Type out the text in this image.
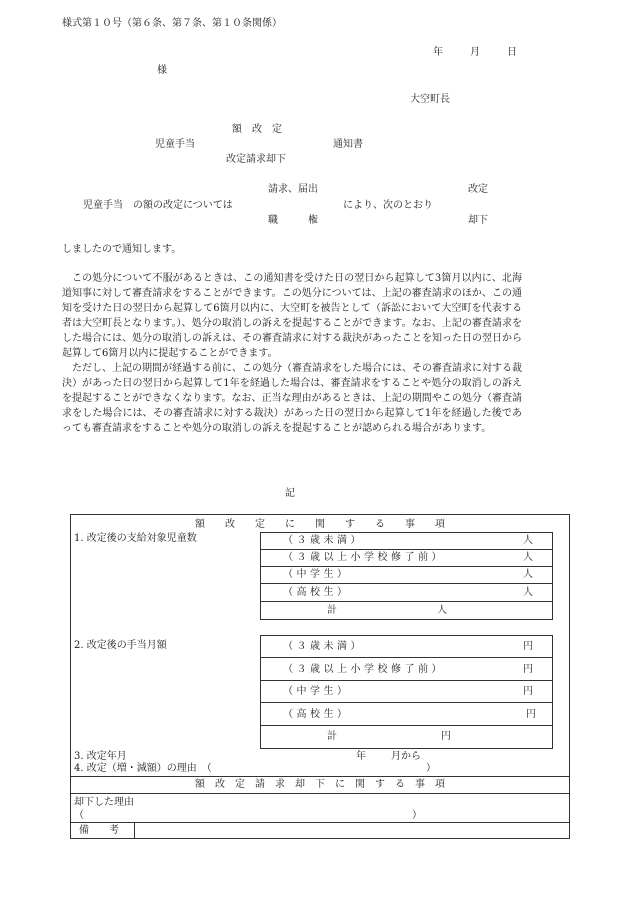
様式第１０号（第６条、第７条、第１０条関係）
年	月	日
様
大空町長
額　改　定
児童手当	通知書
改定請求却下
請求、届出	改定
児童手当　の額の改定については	により、次のとおり
職　　　権	却下
しましたので通知します。

この処分について不服があるときは、この通知書を受けた日の翌日から起算して3箇月以内に、北海道知事に対して審査請求をすることができます。この処分については、上記の審査請求のほか、この通知を受けた日の翌日から起算して6箇月以内に、大空町を被告として（訴訟において大空町を代表する者は大空町長となります。）、処分の取消しの訴えを提起することができます。なお、上記の審査請求をした場合には、処分の取消しの訴えは、その審査請求に対する裁決があったことを知った日の翌日から起算して6箇月以内に提起することができます。

ただし、上記の期間が経過する前に、この処分（審査請求をした場合には、その審査請求に対する裁決）があった日の翌日から起算して1年を経過した場合は、審査請求をすることや処分の取消しの訴えを提起することができなくなります。なお、正当な理由があるときは、上記の期間やこの処分（審査請求をした場合には、その審査請求に対する裁決）があった日の翌日から起算して1年を経過した後であっても審査請求をすることや処分の取消しの訴えを提起することが認められる場合があります。

記
額　　改　　定　　に　　関　　す　　る　　事　　項
1. 改定後の支給対象児童数	（３歳未満）	人
（３歳以上小学校修了前）	人
（中学生）	人
（高校生）	人
計	人
2. 改定後の手当月額	（３歳未満）	円
（３歳以上小学校修了前）	円
（中学生）	円
（高校生）	円
計	円
3. 改定年月	年	月から
4. 改定（増・減額）の理由　（	）
額　改　定　請　求　却　下　に　関　す　る　事　項
却下した理由
（	）
備　　考
